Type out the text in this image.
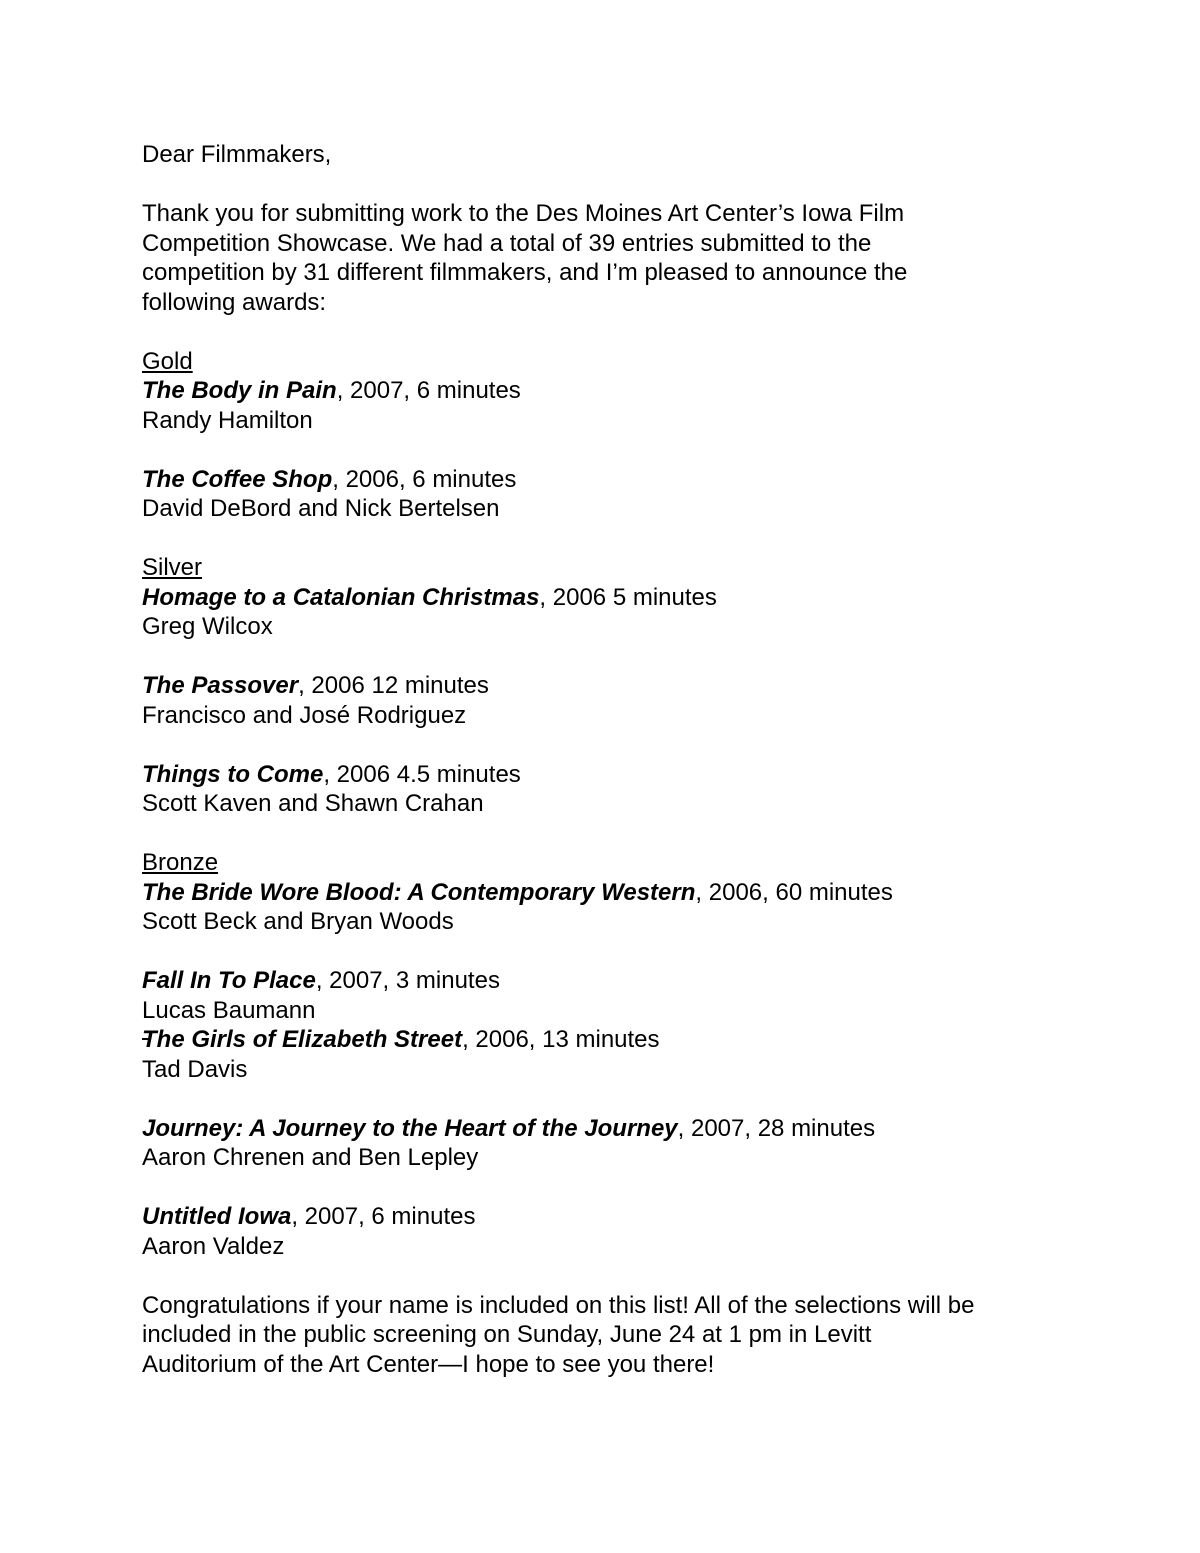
Dear Filmmakers,

Thank you for submitting work to the Des Moines Art Center’s Iowa Film
Competition Showcase. We had a total of 39 entries submitted to the
competition by 31 different filmmakers, and I’m pleased to announce the
following awards:

Gold
The Body in Pain, 2007, 6 minutes
Randy Hamilton
The Coffee Shop, 2006, 6 minutes
David DeBord and Nick Bertelsen
Silver
Homage to a Catalonian Christmas, 2006 5 minutes
Greg Wilcox
The Passover, 2006 12 minutes
Francisco and José Rodriguez
Things to Come, 2006 4.5 minutes
Scott Kaven and Shawn Crahan
Bronze
The Bride Wore Blood: A Contemporary Western, 2006, 60 minutes
Scott Beck and Bryan Woods
Fall In To Place, 2007, 3 minutes
Lucas Baumann
The Girls of Elizabeth Street, 2006, 13 minutes
Tad Davis
Journey: A Journey to the Heart of the Journey, 2007, 28 minutes
Aaron Chrenen and Ben Lepley
Untitled Iowa, 2007, 6 minutes
Aaron Valdez

Congratulations if your name is included on this list! All of the selections will be
included in the public screening on Sunday, June 24 at 1 pm in Levitt
Auditorium of the Art Center—I hope to see you there!
